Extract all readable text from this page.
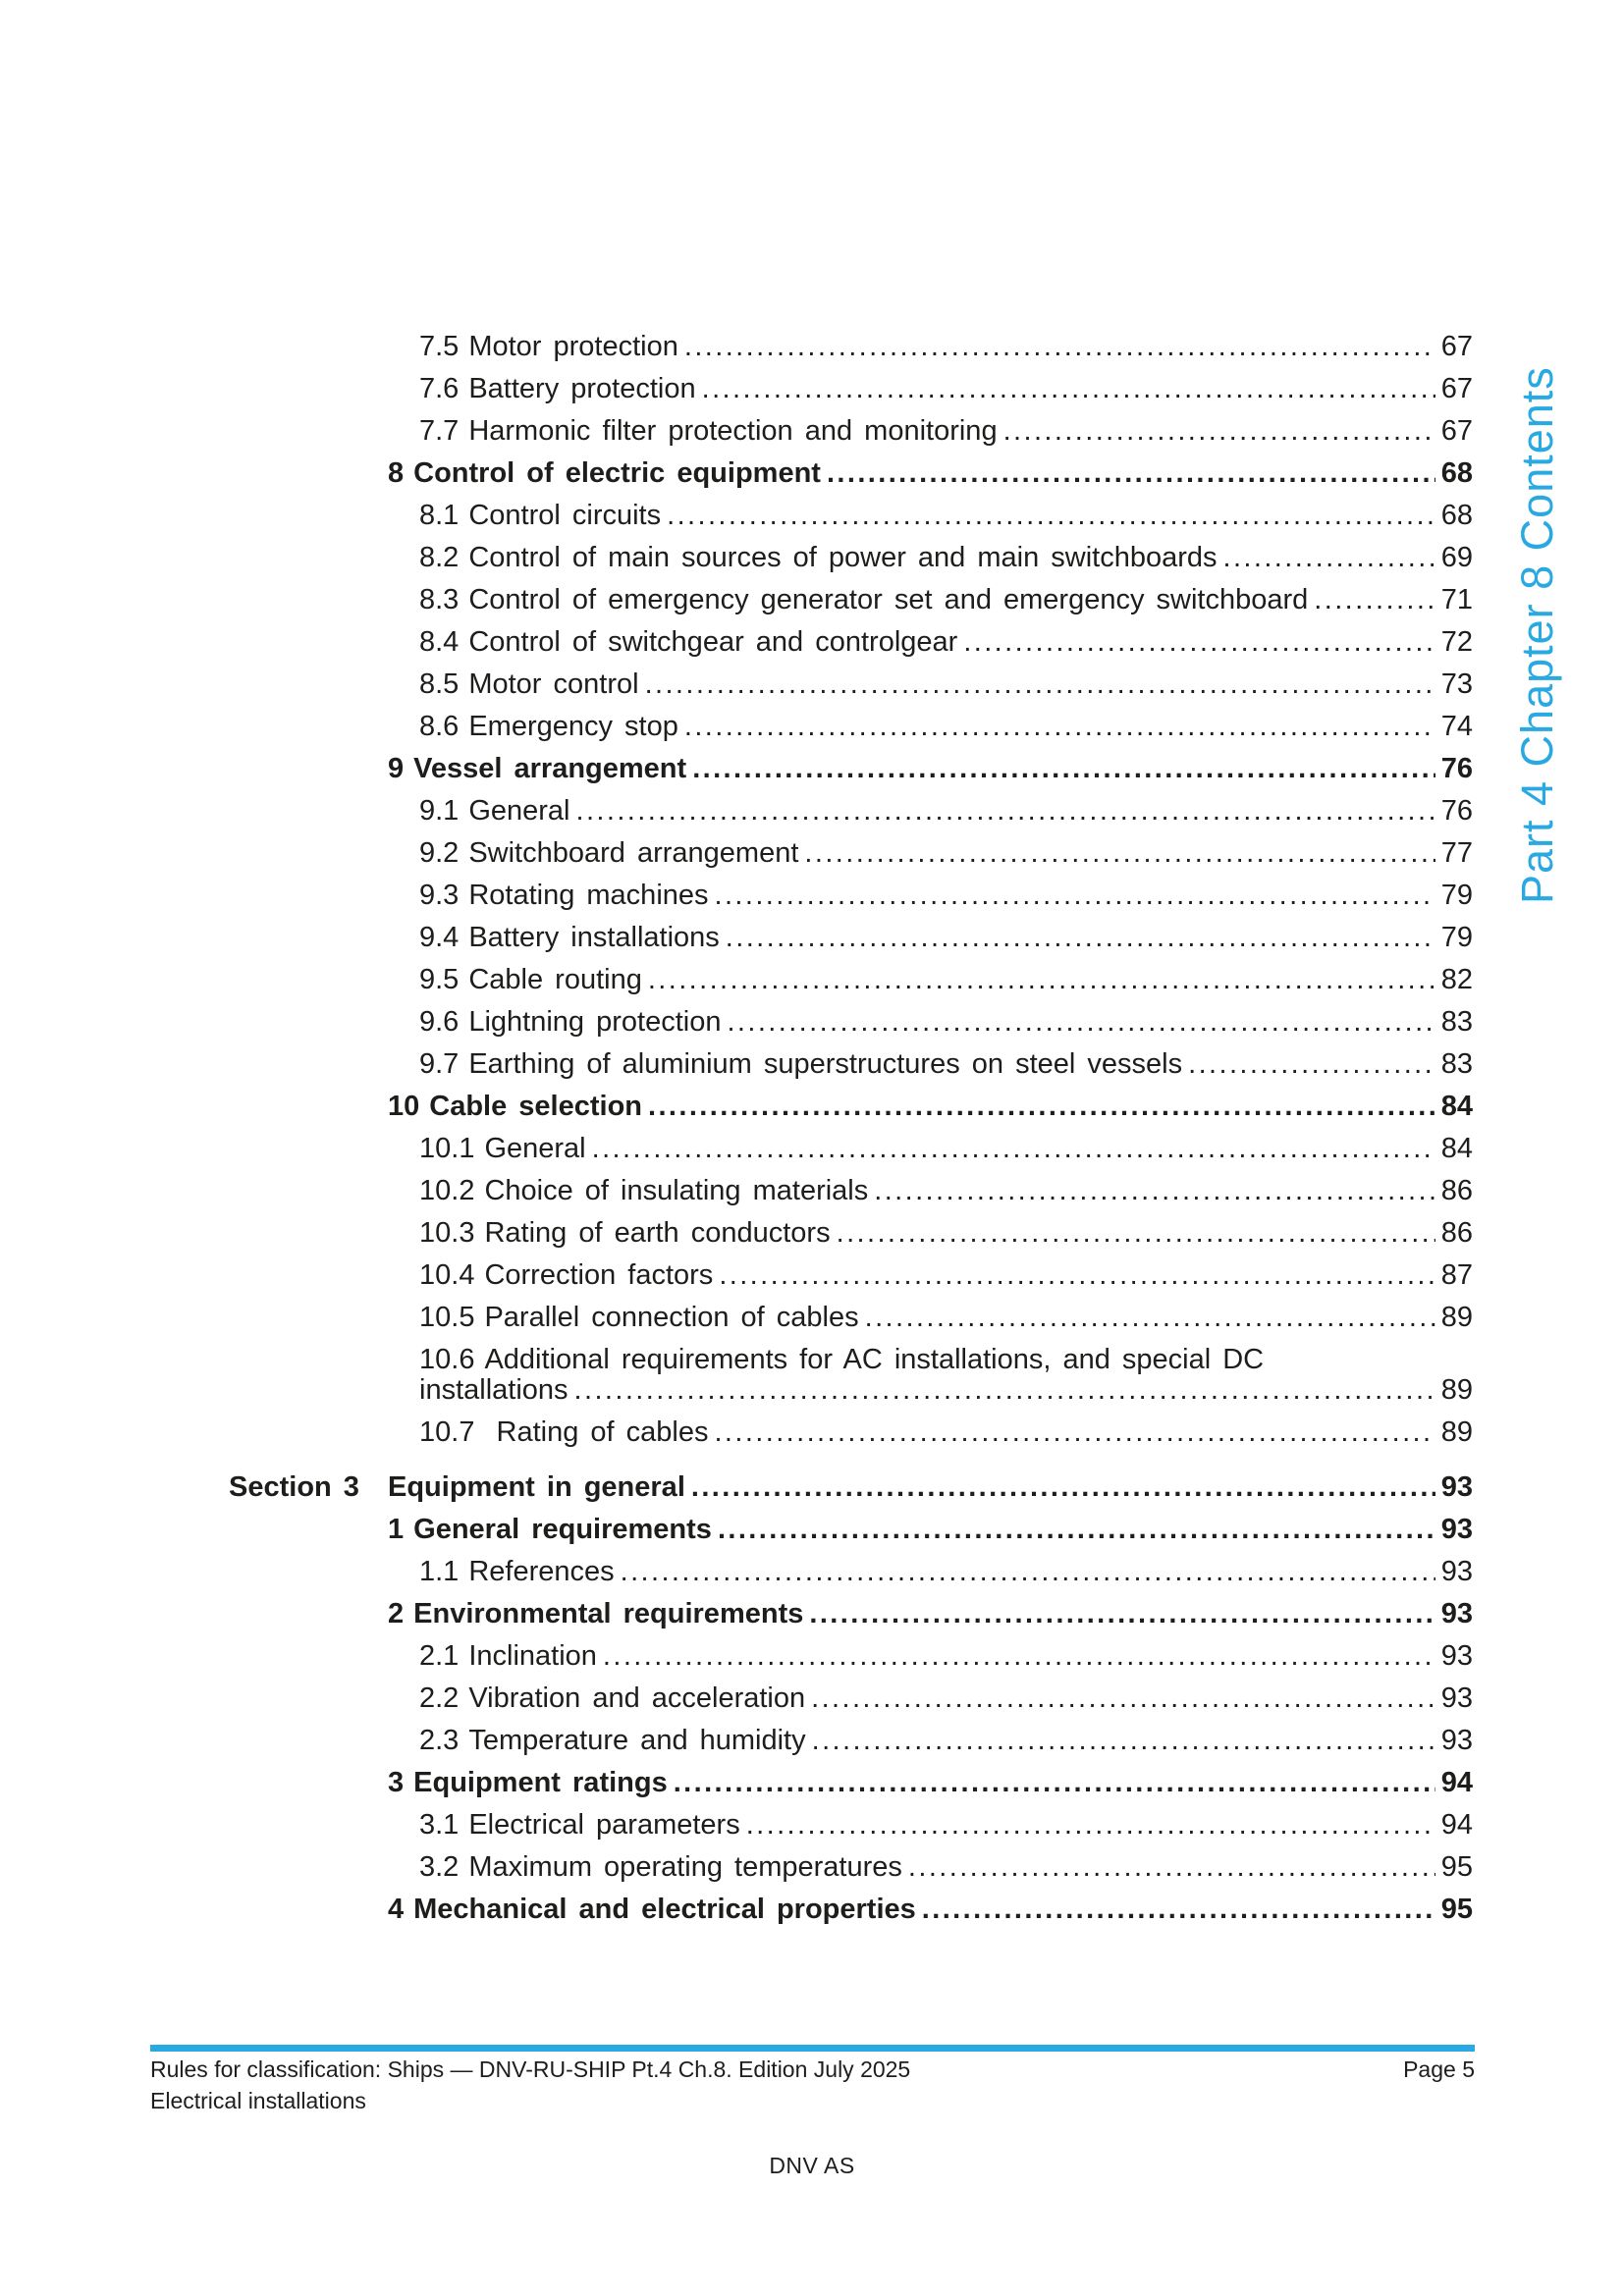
Part 4 Chapter 8 Contents
7.5 Motor protection .....	67
7.6 Battery protection .....	67
7.7 Harmonic filter protection and monitoring .....	67
8 Control of electric equipment .....	68
8.1 Control circuits .....	68
8.2 Control of main sources of power and main switchboards .....	69
8.3 Control of emergency generator set and emergency switchboard .....	71
8.4 Control of switchgear and controlgear .....	72
8.5 Motor control .....	73
8.6 Emergency stop .....	74
9 Vessel arrangement .....	76
9.1 General .....	76
9.2 Switchboard arrangement .....	77
9.3 Rotating machines .....	79
9.4 Battery installations .....	79
9.5 Cable routing .....	82
9.6 Lightning protection .....	83
9.7 Earthing of aluminium superstructures on steel vessels .....	83
10 Cable selection .....	84
10.1 General .....	84
10.2 Choice of insulating materials .....	86
10.3 Rating of earth conductors .....	86
10.4 Correction factors .....	87
10.5 Parallel connection of cables .....	89
10.6 Additional requirements for AC installations, and special DC
installations .....	89
10.7 Rating of cables .....	89
Section 3	Equipment in general .....	93
1 General requirements .....	93
1.1 References .....	93
2 Environmental requirements .....	93
2.1 Inclination .....	93
2.2 Vibration and acceleration .....	93
2.3 Temperature and humidity .....	93
3 Equipment ratings .....	94
3.1 Electrical parameters .....	94
3.2 Maximum operating temperatures .....	95
4 Mechanical and electrical properties .....	95
Rules for classification: Ships — DNV-RU-SHIP Pt.4 Ch.8. Edition July 2025	Page 5
Electrical installations
DNV AS
